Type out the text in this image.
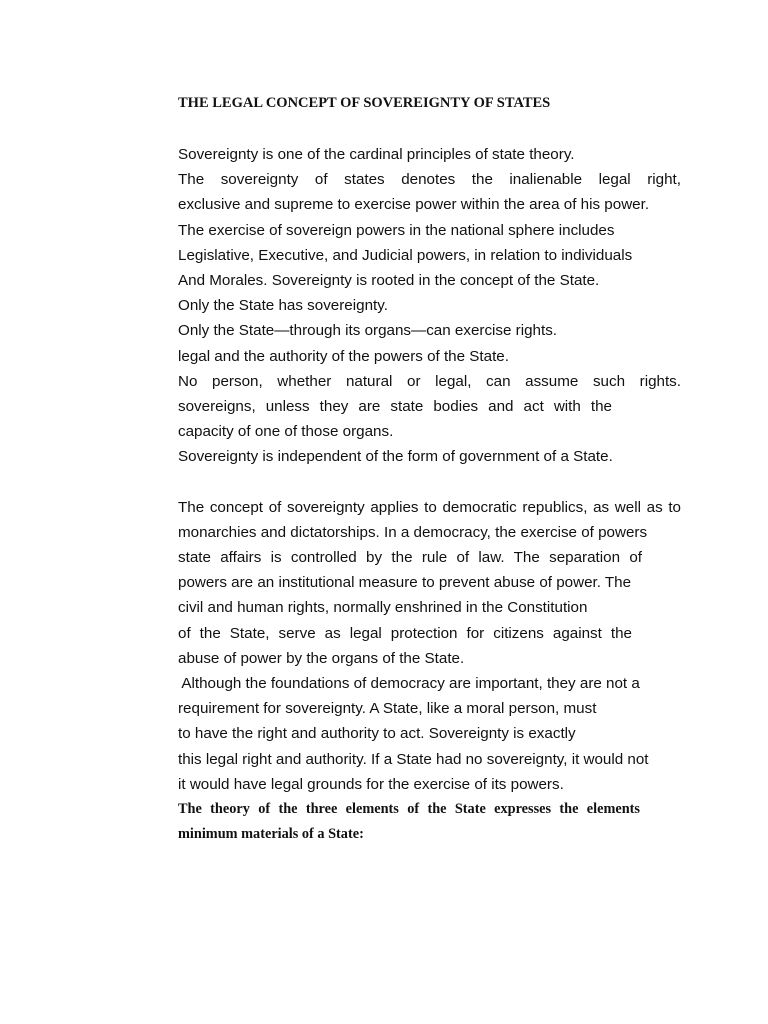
THE LEGAL CONCEPT OF SOVEREIGNTY OF STATES
Sovereignty is one of the cardinal principles of state theory.
The sovereignty of states denotes the inalienable legal right,
exclusive and supreme to exercise power within the area of his power.
The exercise of sovereign powers in the national sphere includes
Legislative, Executive, and Judicial powers, in relation to individuals
And Morales. Sovereignty is rooted in the concept of the State.
Only the State has sovereignty.
Only the State—through its organs—can exercise rights.
legal and the authority of the powers of the State.
No person, whether natural or legal, can assume such rights.
sovereigns, unless they are state bodies and act with the
capacity of one of those organs.
Sovereignty is independent of the form of government of a State.
The concept of sovereignty applies to democratic republics, as well as to
monarchies and dictatorships. In a democracy, the exercise of powers
state affairs is controlled by the rule of law. The separation of
powers are an institutional measure to prevent abuse of power. The
civil and human rights, normally enshrined in the Constitution
of the State, serve as legal protection for citizens against the
abuse of power by the organs of the State.
Although the foundations of democracy are important, they are not a
requirement for sovereignty. A State, like a moral person, must
to have the right and authority to act. Sovereignty is exactly
this legal right and authority. If a State had no sovereignty, it would not
it would have legal grounds for the exercise of its powers.
The theory of the three elements of the State expresses the elements
minimum materials of a State:
